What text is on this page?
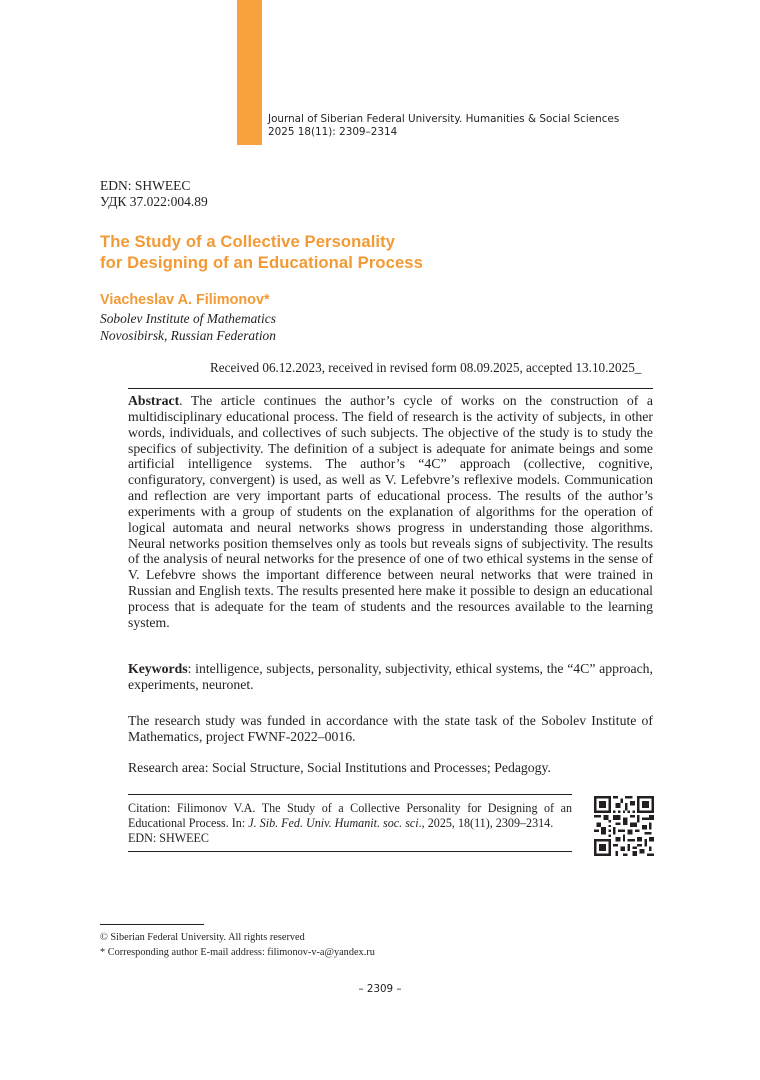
Journal of Siberian Federal University. Humanities & Social Sciences
2025 18(11): 2309–2314
EDN: SHWEEC
УДК 37.022:004.89
The Study of a Collective Personality
for Designing of an Educational Process
Viacheslav A. Filimonov*
Sobolev Institute of Mathematics
Novosibirsk, Russian Federation
Received 06.12.2023, received in revised form 08.09.2025, accepted 13.10.2025_

Abstract. The article continues the author’s cycle of works on the construction of a multidisciplinary educational process. The field of research is the activity of subjects, in other words, individuals, and collectives of such subjects. The objective of the study is to study the specifics of subjectivity. The definition of a subject is adequate for animate beings and some artificial intelligence systems. The author’s “4C” approach (collective, cognitive, configuratory, convergent) is used, as well as V. Lefebvre’s reflexive models. Communication and reflection are very important parts of educational process. The results of the author’s experiments with a group of students on the explanation of algorithms for the operation of logical automata and neural networks shows progress in understanding those algorithms. Neural networks position themselves only as tools but reveals signs of subjectivity. The results of the analysis of neural networks for the presence of one of two ethical systems in the sense of V. Lefebvre shows the important difference between neural networks that were trained in Russian and English texts. The results presented here make it possible to design an educational process that is adequate for the team of students and the resources available to the learning system.

Keywords: intelligence, subjects, personality, subjectivity, ethical systems, the “4C” approach, experiments, neuronet.

The research study was funded in accordance with the state task of the Sobolev Institute of Mathematics, project FWNF-2022–0016.

Research area: Social Structure, Social Institutions and Processes; Pedagogy.

Citation: Filimonov V.A. The Study of a Collective Personality for Designing of an Educational Process. In: J. Sib. Fed. Univ. Humanit. soc. sci., 2025, 18(11), 2309–2314.
EDN: SHWEEC
© Siberian Federal University. All rights reserved
* Corresponding author E-mail address: filimonov-v-a@yandex.ru
– 2309 –
